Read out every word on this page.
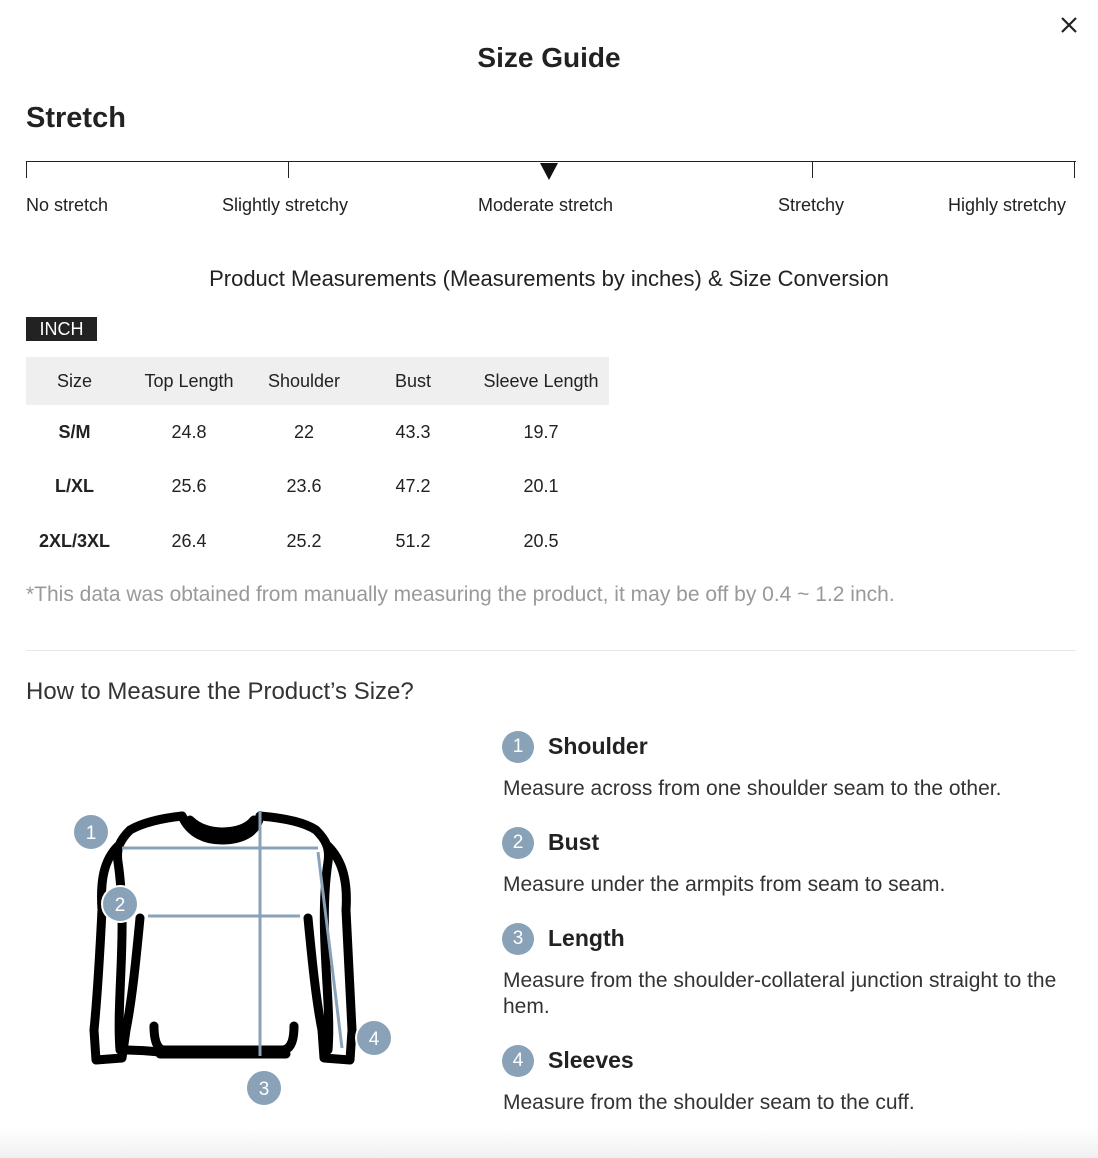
Size Guide
Stretch
No stretch	Slightly stretchy	Moderate stretch	Stretchy	Highly stretchy
Product Measurements (Measurements by inches) & Size Conversion
INCH
Size	Top Length	Shoulder	Bust	Sleeve Length
S/M	24.8	22	43.3	19.7
L/XL	25.6	23.6	47.2	20.1
2XL/3XL	26.4	25.2	51.2	20.5
*This data was obtained from manually measuring the product, it may be off by 0.4 ~ 1.2 inch.
How to Measure the Product’s Size?
1
2
3
4
1	Shoulder
Measure across from one shoulder seam to the other.
2	Bust
Measure under the armpits from seam to seam.
3	Length
Measure from the shoulder-collateral junction straight to the hem.
4	Sleeves
Measure from the shoulder seam to the cuff.
